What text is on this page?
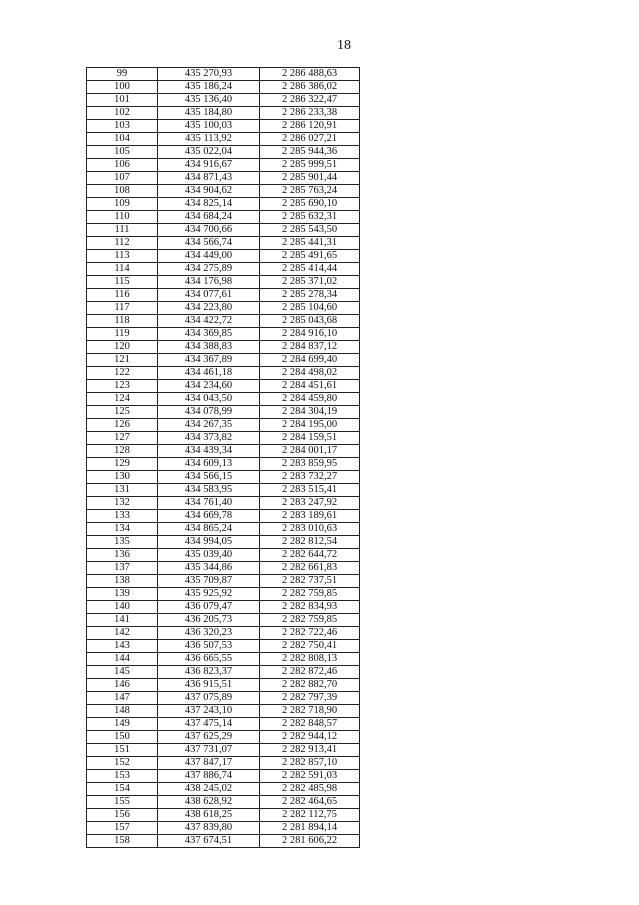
18
99	435 270,93	2 286 488,63
100	435 186,24	2 286 386,02
101	435 136,40	2 286 322,47
102	435 184,80	2 286 233,38
103	435 100,03	2 286 120,91
104	435 113,92	2 286 027,21
105	435 022,04	2 285 944,36
106	434 916,67	2 285 999,51
107	434 871,43	2 285 901,44
108	434 904,62	2 285 763,24
109	434 825,14	2 285 690,10
110	434 684,24	2 285 632,31
111	434 700,66	2 285 543,50
112	434 566,74	2 285 441,31
113	434 449,00	2 285 491,65
114	434 275,89	2 285 414,44
115	434 176,98	2 285 371,02
116	434 077,61	2 285 278,34
117	434 223,80	2 285 104,60
118	434 422,72	2 285 043,68
119	434 369,85	2 284 916,10
120	434 388,83	2 284 837,12
121	434 367,89	2 284 699,40
122	434 461,18	2 284 498,02
123	434 234,60	2 284 451,61
124	434 043,50	2 284 459,80
125	434 078,99	2 284 304,19
126	434 267,35	2 284 195,00
127	434 373,82	2 284 159,51
128	434 439,34	2 284 001,17
129	434 609,13	2 283 859,95
130	434 566,15	2 283 732,27
131	434 583,95	2 283 515,41
132	434 761,40	2 283 247,92
133	434 669,78	2 283 189,61
134	434 865,24	2 283 010,63
135	434 994,05	2 282 812,54
136	435 039,40	2 282 644,72
137	435 344,86	2 282 661,83
138	435 709,87	2 282 737,51
139	435 925,92	2 282 759,85
140	436 079,47	2 282 834,93
141	436 205,73	2 282 759,85
142	436 320,23	2 282 722,46
143	436 507,53	2 282 750,41
144	436 665,55	2 282 808,13
145	436 823,37	2 282 872,46
146	436 915,51	2 282 882,70
147	437 075,89	2 282 797,39
148	437 243,10	2 282 718,90
149	437 475,14	2 282 848,57
150	437 625,29	2 282 944,12
151	437 731,07	2 282 913,41
152	437 847,17	2 282 857,10
153	437 886,74	2 282 591,03
154	438 245,02	2 282 485,98
155	438 628,92	2 282 464,65
156	438 618,25	2 282 112,75
157	437 839,80	2 281 894,14
158	437 674,51	2 281 606,22
